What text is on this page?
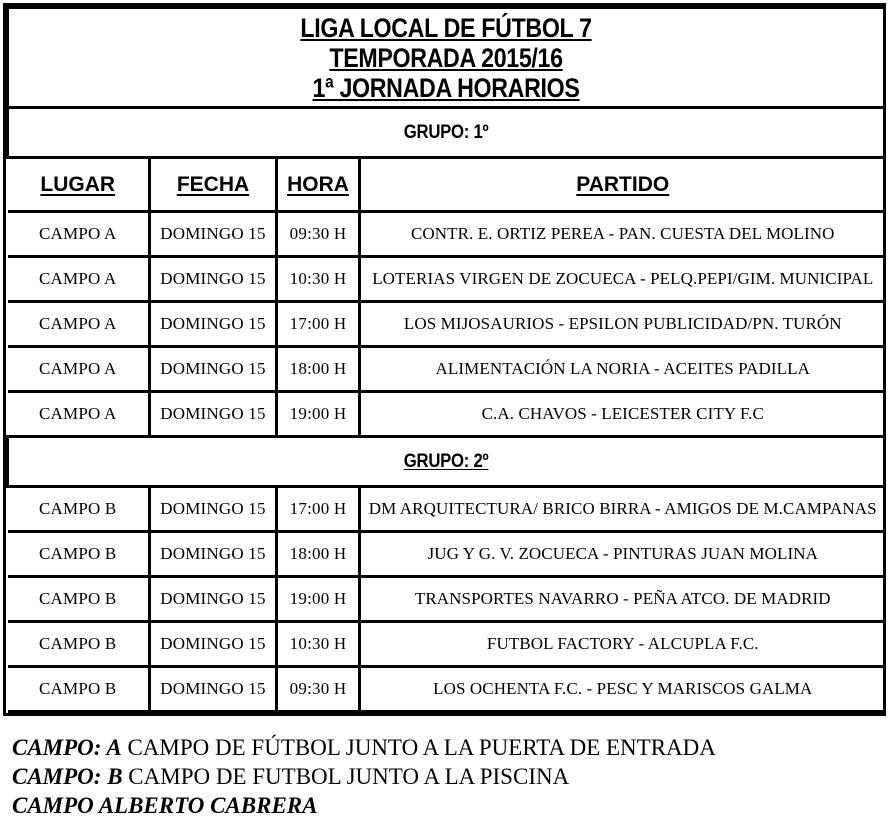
LIGA LOCAL DE FÚTBOL 7
TEMPORADA 2015/16
1ª JORNADA HORARIOS			

GRUPO: 1º			
LUGAR	FECHA	HORA	PARTIDO
CAMPO A	DOMINGO 15	09:30 H	CONTR. E. ORTIZ PEREA - PAN. CUESTA DEL MOLINO
CAMPO A	DOMINGO 15	10:30 H	LOTERIAS VIRGEN DE ZOCUECA - PELQ.PEPI/GIM. MUNICIPAL
CAMPO A	DOMINGO 15	17:00 H	LOS MIJOSAURIOS - EPSILON PUBLICIDAD/PN. TURÓN
CAMPO A	DOMINGO 15	18:00 H	ALIMENTACIÓN LA NORIA - ACEITES PADILLA
CAMPO A	DOMINGO 15	19:00 H	C.A. CHAVOS - LEICESTER CITY F.C
GRUPO: 2º			
CAMPO B	DOMINGO 15	17:00 H	DM ARQUITECTURA/ BRICO BIRRA - AMIGOS DE M.CAMPANAS
CAMPO B	DOMINGO 15	18:00 H	JUG Y G. V. ZOCUECA - PINTURAS JUAN MOLINA
CAMPO B	DOMINGO 15	19:00 H	TRANSPORTES NAVARRO - PEÑA ATCO. DE MADRID
CAMPO B	DOMINGO 15	10:30 H	FUTBOL FACTORY - ALCUPLA F.C.
CAMPO B	DOMINGO 15	09:30 H	LOS OCHENTA F.C. - PESC Y MARISCOS GALMA
CAMPO: A CAMPO DE FÚTBOL JUNTO A LA PUERTA DE ENTRADA
CAMPO: B CAMPO DE FUTBOL JUNTO A LA PISCINA
CAMPO ALBERTO CABRERA
